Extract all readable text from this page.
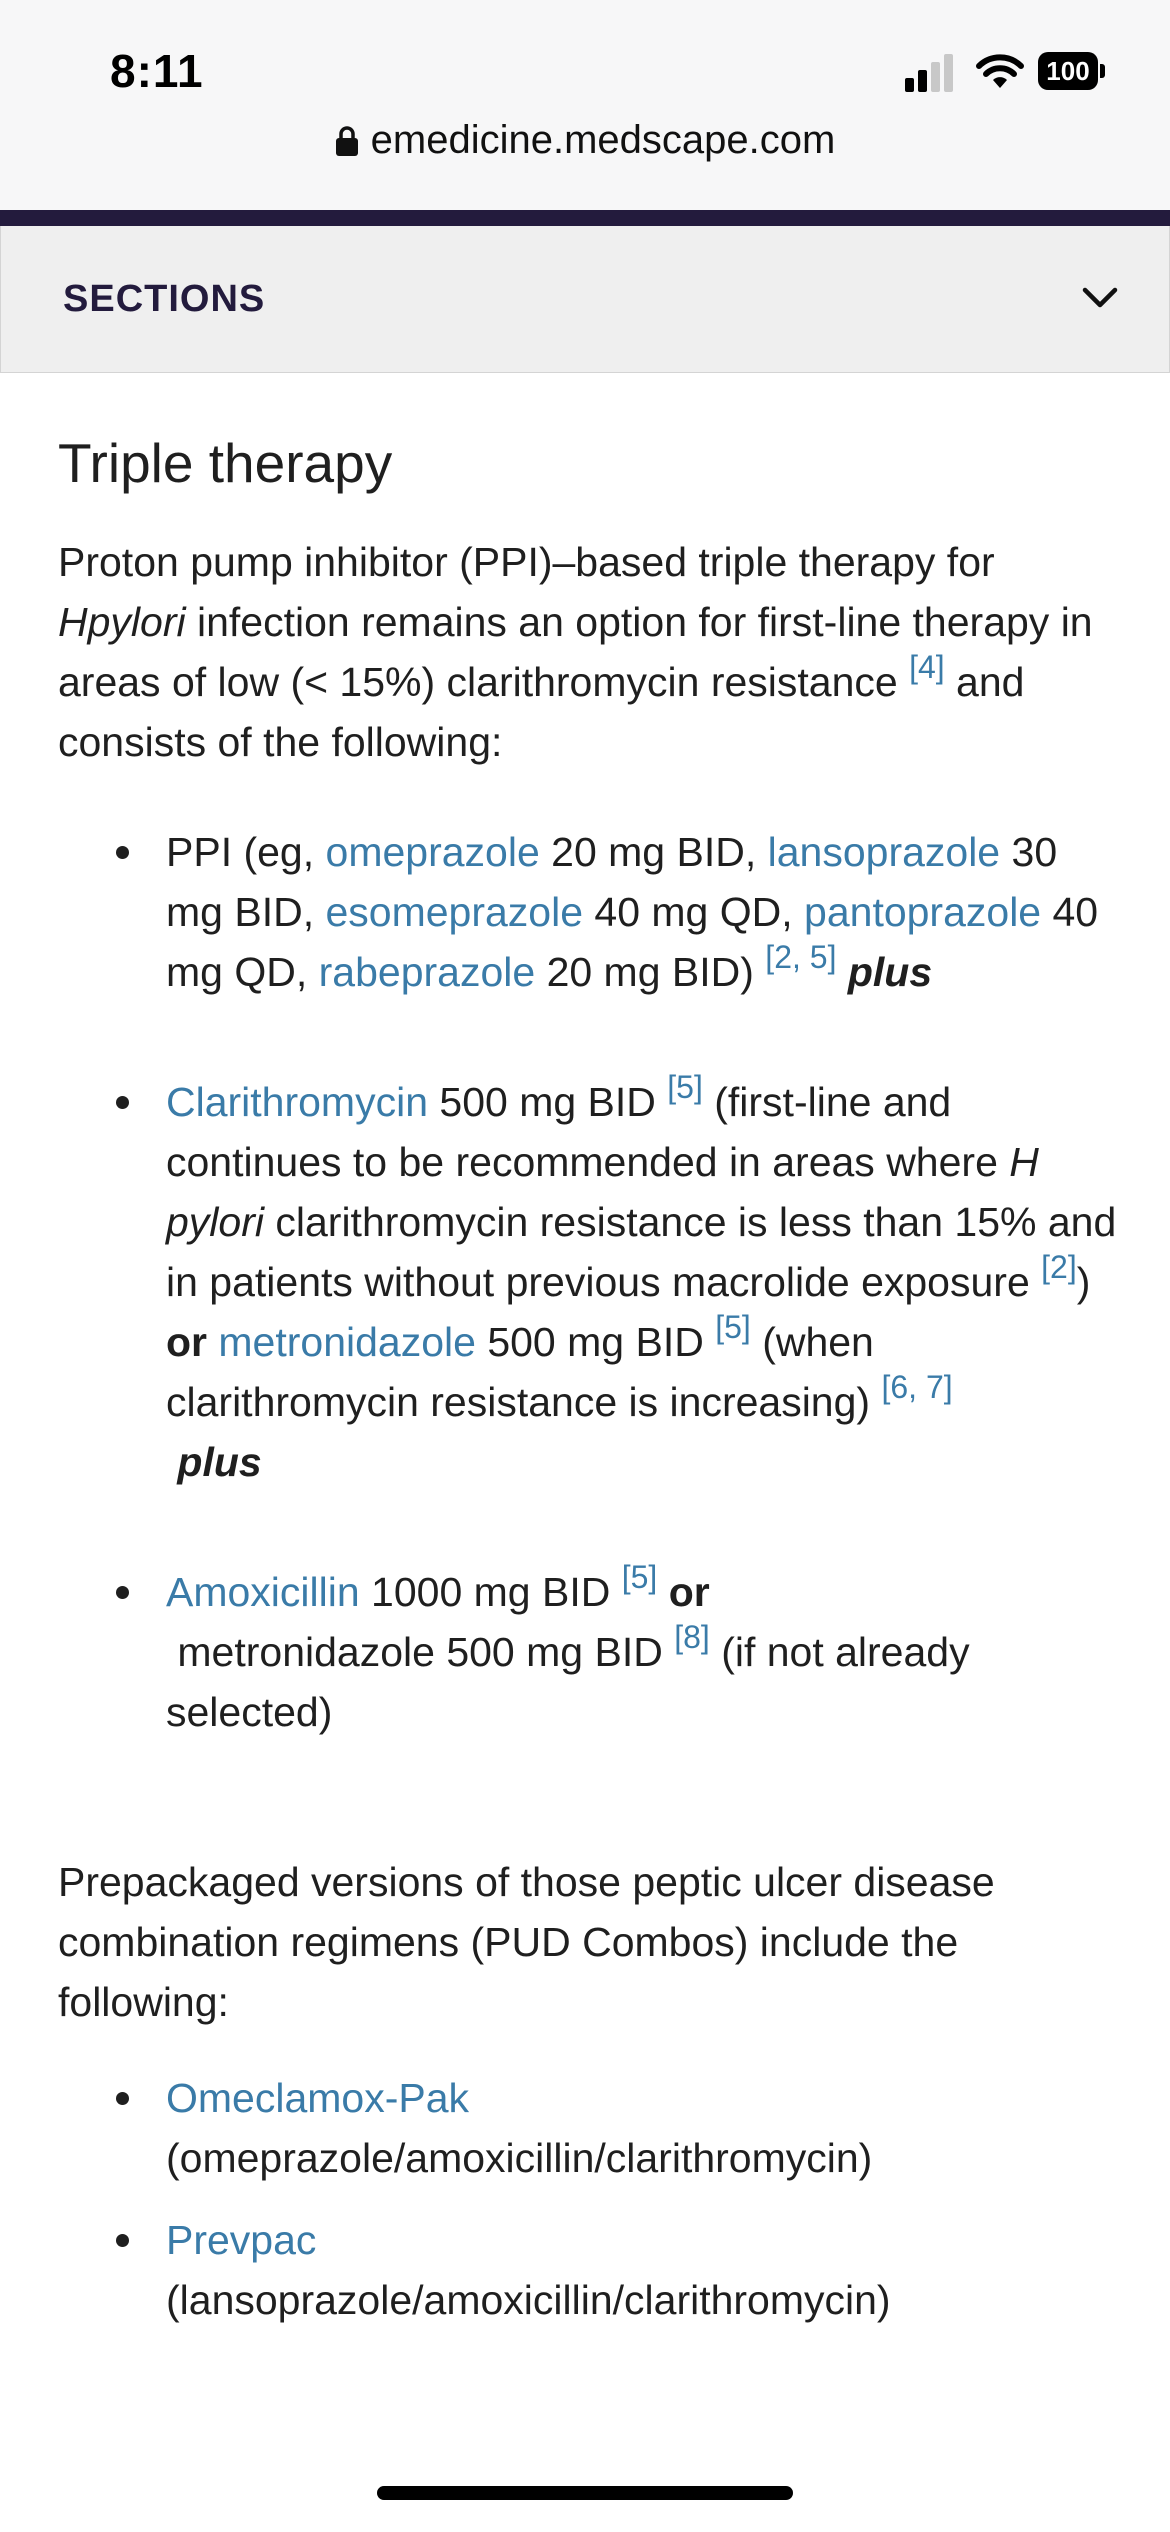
8:11	100
emedicine.medscape.com
SECTIONS
Triple therapy

Proton pump inhibitor (PPI)–based triple therapy for Hpylori infection remains an option for first-line therapy in areas of low (< 15%) clarithromycin resistance [4] and consists of the following:

PPI (eg, omeprazole 20 mg BID, lansoprazole 30 mg BID, esomeprazole 40 mg QD, pantoprazole 40 mg QD, rabeprazole 20 mg BID) [2, 5] plus
Clarithromycin 500 mg BID [5] (first-line and continues to be recommended in areas where H pylori clarithromycin resistance is less than 15% and in patients without previous macrolide exposure [2])
or metronidazole 500 mg BID [5] (when clarithromycin resistance is increasing) [6, 7]
plus
Amoxicillin 1000 mg BID [5] or
metronidazole 500 mg BID [8] (if not already selected)

Prepackaged versions of those peptic ulcer disease combination regimens (PUD Combos) include the following:

Omeclamox-Pak
(omeprazole/amoxicillin/clarithromycin)
Prevpac
(lansoprazole/amoxicillin/clarithromycin)
